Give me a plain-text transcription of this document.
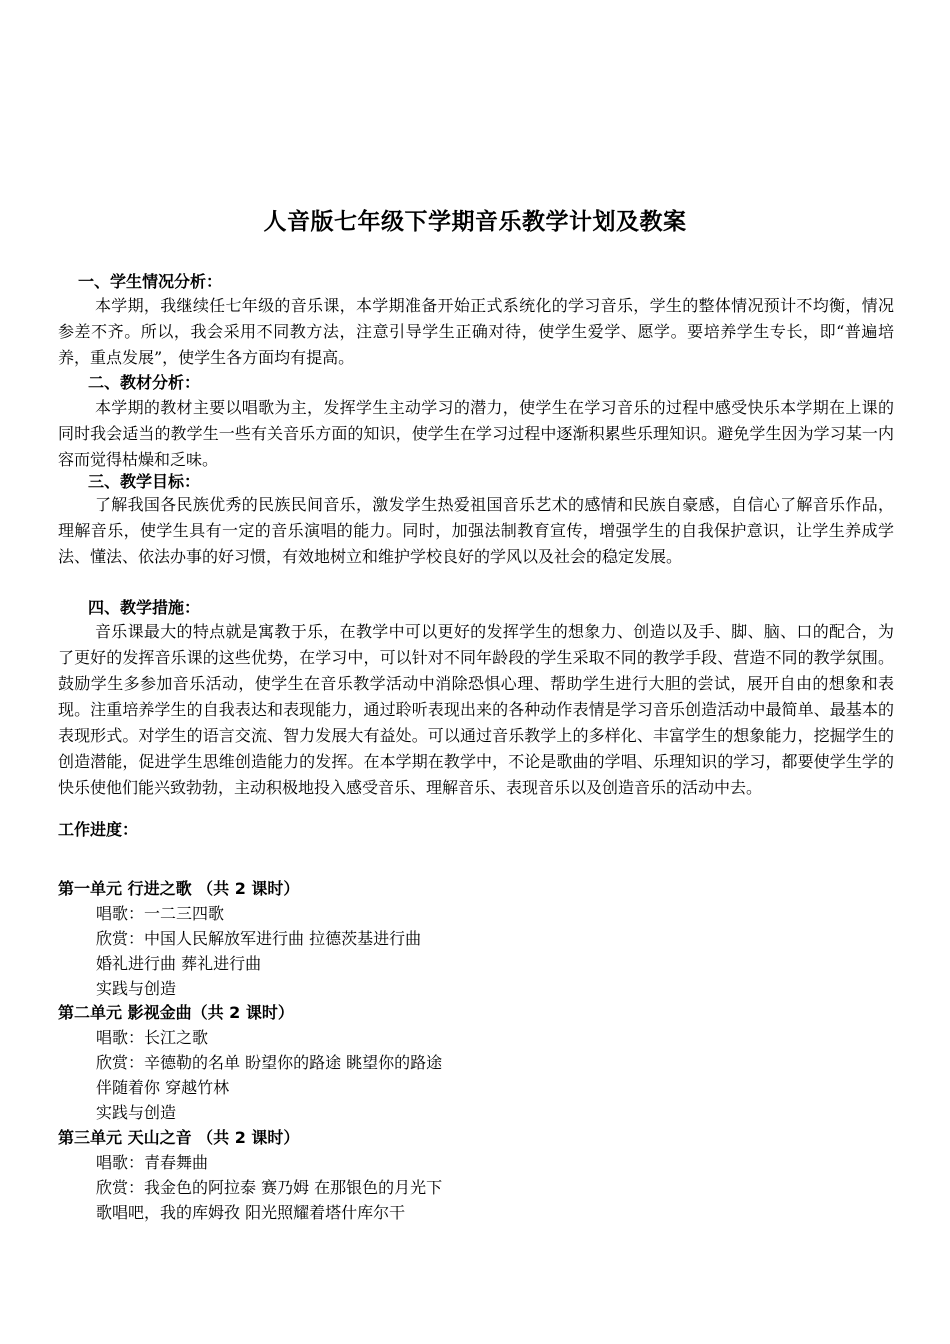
人音版七年级下学期音乐教学计划及教案
一、学生情况分析：
本学期，我继续任七年级的音乐课，本学期准备开始正式系统化的学习音乐，学生的整体情况预计不均衡，情况参差不齐。所以，我会采用不同教方法，注意引导学生正确对待，使学生爱学、愿学。要培养学生专长，即“普遍培养，重点发展”，使学生各方面均有提高。
二、教材分析：
本学期的教材主要以唱歌为主，发挥学生主动学习的潜力，使学生在学习音乐的过程中感受快乐本学期在上课的同时我会适当的教学生一些有关音乐方面的知识，使学生在学习过程中逐渐积累些乐理知识。避免学生因为学习某一内容而觉得枯燥和乏味。
三、教学目标：
了解我国各民族优秀的民族民间音乐，激发学生热爱祖国音乐艺术的感情和民族自豪感，自信心了解音乐作品，理解音乐，使学生具有一定的音乐演唱的能力。同时，加强法制教育宣传，增强学生的自我保护意识，让学生养成学法、懂法、依法办事的好习惯，有效地树立和维护学校良好的学风以及社会的稳定发展。
四、教学措施：
音乐课最大的特点就是寓教于乐，在教学中可以更好的发挥学生的想象力、创造以及手、脚、脑、口的配合，为了更好的发挥音乐课的这些优势，在学习中，可以针对不同年龄段的学生采取不同的教学手段、营造不同的教学氛围。鼓励学生多参加音乐活动，使学生在音乐教学活动中消除恐惧心理、帮助学生进行大胆的尝试，展开自由的想象和表现。注重培养学生的自我表达和表现能力，通过聆听表现出来的各种动作表情是学习音乐创造活动中最简单、最基本的表现形式。对学生的语言交流、智力发展大有益处。可以通过音乐教学上的多样化、丰富学生的想象能力，挖掘学生的创造潜能，促进学生思维创造能力的发挥。在本学期在教学中，不论是歌曲的学唱、乐理知识的学习，都要使学生学的快乐使他们能兴致勃勃，主动积极地投入感受音乐、理解音乐、表现音乐以及创造音乐的活动中去。
工作进度：
第一单元 行进之歌 （共 2 课时）
唱歌：一二三四歌
欣赏：中国人民解放军进行曲 拉德茨基进行曲
婚礼进行曲 葬礼进行曲
实践与创造
第二单元 影视金曲（共 2 课时）
唱歌：长江之歌
欣赏：辛德勒的名单 盼望你的路途 眺望你的路途
伴随着你 穿越竹林
实践与创造
第三单元 天山之音 （共 2 课时）
唱歌：青春舞曲
欣赏：我金色的阿拉泰 赛乃姆 在那银色的月光下
歌唱吧，我的库姆孜 阳光照耀着塔什库尔干
